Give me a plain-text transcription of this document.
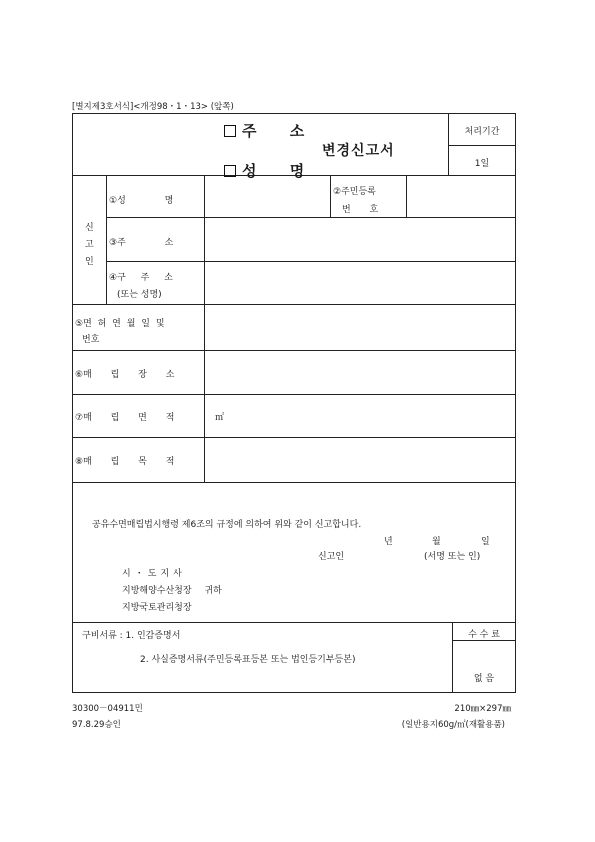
[별지제3호서식]<개정98・1・13> (앞쪽)
주 소
성 명
변경신고서
처리기간
1일
신
고
인
①성 명
②주민등록
번 호
③주 소
④구 주 소
(또는 성명)
⑤면 허 연 월 일 및
번호
⑥매 립 장 소
⑦매 립 면 적	㎡
⑧매 립 목 적
공유수면매립법시행령 제6조의 규정에 의하여 위와 같이 신고합니다.
년	월	일
신고인	(서명 또는 인)
시・도지사
지방해양수산청장 귀하
지방국토관리청장
구비서류 : 1. 인감증명서
2. 사실증명서류(주민등록표등본 또는 법인등기부등본)
수 수 료
없 음
30300－04911민
97.8.29승인
210㎜×297㎜
(일반용지60g/㎡(재활용품)
